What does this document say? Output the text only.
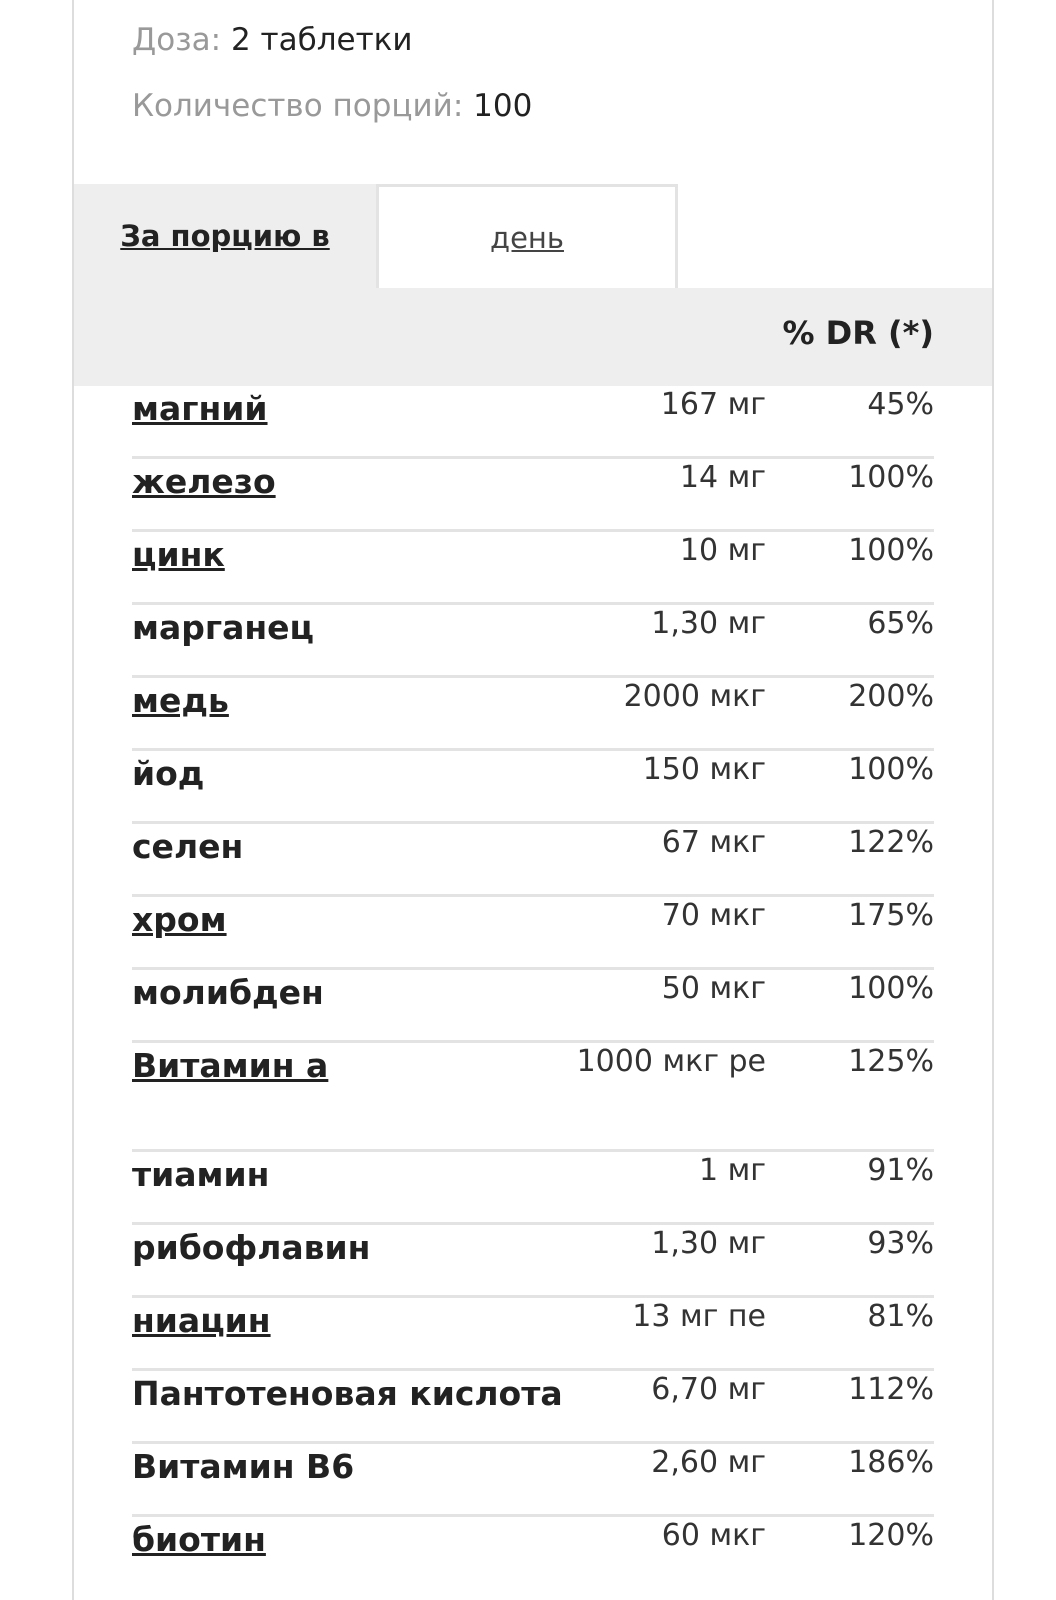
Доза: 2 таблетки
Количество порций: 100
За порцию в	день
% DR (*)
магний	167 мг	45%
железо	14 мг	100%
цинк	10 мг	100%
марганец	1,30 мг	65%
медь	2000 мкг	200%
йод	150 мкг	100%
селен	67 мкг	122%
хром	70 мкг	175%
молибден	50 мкг	100%
Витамин а	1000 мкг ре	125%
тиамин	1 мг	91%
рибофлавин	1,30 мг	93%
ниацин	13 мг пе	81%
Пантотеновая кислота	6,70 мг	112%
Витамин B6	2,60 мг	186%
биотин	60 мкг	120%
